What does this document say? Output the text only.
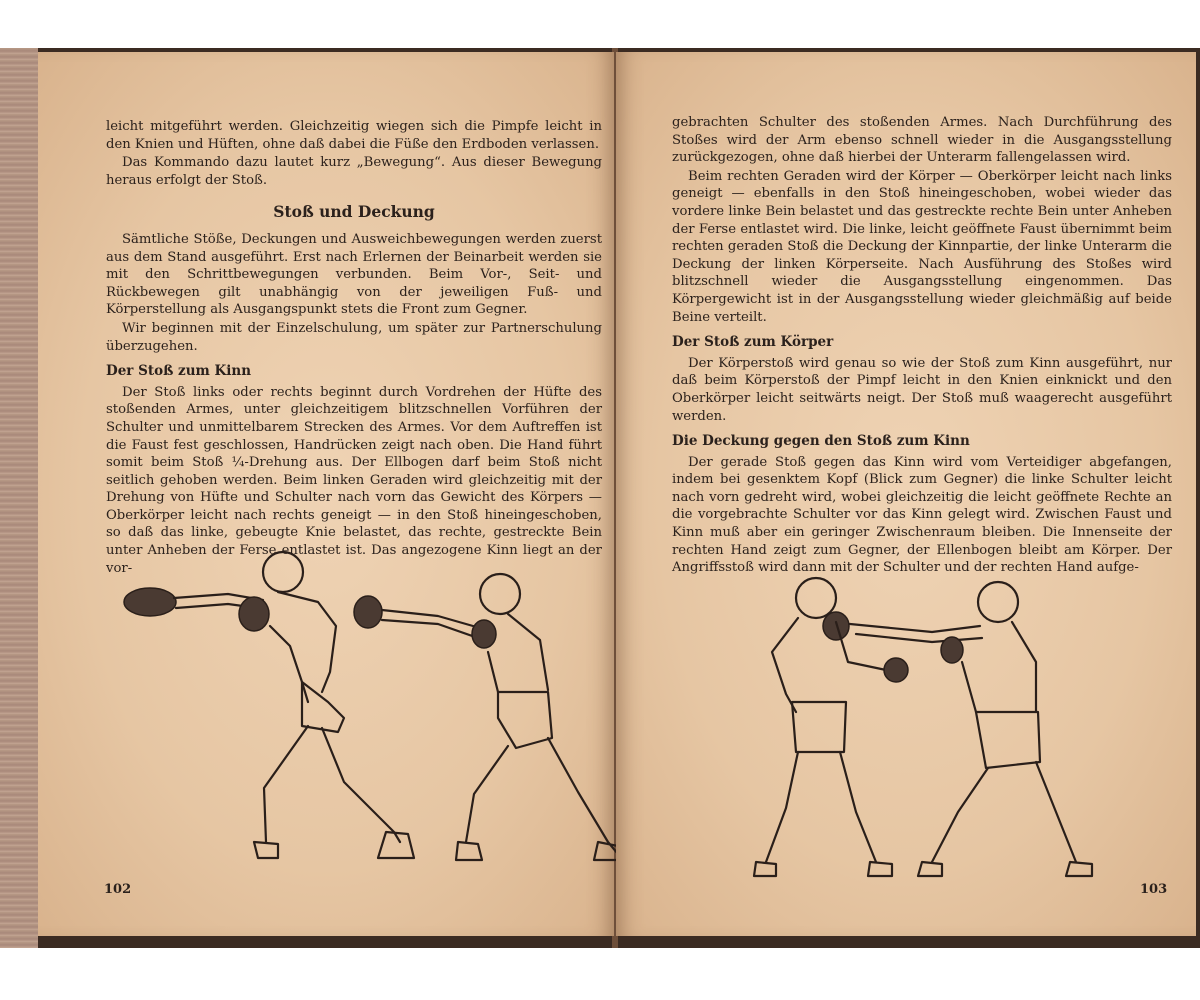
leicht mitgeführt werden. Gleichzeitig wiegen sich die Pimpfe leicht in den Knien und Hüften, ohne daß dabei die Füße den Erdboden verlassen.

Das Kommando dazu lautet kurz „Bewegung“. Aus dieser Bewegung heraus erfolgt der Stoß.

Stoß und Deckung

Sämtliche Stöße, Deckungen und Ausweichbewegungen werden zuerst aus dem Stand ausgeführt. Erst nach Erlernen der Beinarbeit werden sie mit den Schrittbewegungen verbunden. Beim Vor-, Seit- und Rückbewegen gilt unabhängig von der jeweiligen Fuß- und Körperstellung als Ausgangspunkt stets die Front zum Gegner.

Wir beginnen mit der Einzelschulung, um später zur Partnerschulung überzugehen.

Der Stoß zum Kinn

Der Stoß links oder rechts beginnt durch Vordrehen der Hüfte des stoßenden Armes, unter gleichzeitigem blitzschnellen Vorführen der Schulter und unmittelbarem Strecken des Armes. Vor dem Auftreffen ist die Faust fest geschlossen, Handrücken zeigt nach oben. Die Hand führt somit beim Stoß ¼-Drehung aus. Der Ellbogen darf beim Stoß nicht seitlich gehoben werden. Beim linken Geraden wird gleichzeitig mit der Drehung von Hüfte und Schulter nach vorn das Gewicht des Körpers — Oberkörper leicht nach rechts geneigt — in den Stoß hineingeschoben, so daß das linke, gebeugte Knie belastet, das rechte, gestreckte Bein unter Anheben der Ferse entlastet ist. Das angezogene Kinn liegt an der vor-

102

gebrachten Schulter des stoßenden Armes. Nach Durchführung des Stoßes wird der Arm ebenso schnell wieder in die Ausgangsstellung zurückgezogen, ohne daß hierbei der Unterarm fallengelassen wird.

Beim rechten Geraden wird der Körper — Oberkörper leicht nach links geneigt — ebenfalls in den Stoß hineingeschoben, wobei wieder das vordere linke Bein belastet und das gestreckte rechte Bein unter Anheben der Ferse entlastet wird. Die linke, leicht geöffnete Faust übernimmt beim rechten geraden Stoß die Deckung der Kinnpartie, der linke Unterarm die Deckung der linken Körperseite. Nach Ausführung des Stoßes wird blitzschnell wieder die Ausgangsstellung eingenommen. Das Körpergewicht ist in der Ausgangsstellung wieder gleichmäßig auf beide Beine verteilt.

Der Stoß zum Körper

Der Körperstoß wird genau so wie der Stoß zum Kinn ausgeführt, nur daß beim Körperstoß der Pimpf leicht in den Knien einknickt und den Oberkörper leicht seitwärts neigt. Der Stoß muß waagerecht ausgeführt werden.

Die Deckung gegen den Stoß zum Kinn

Der gerade Stoß gegen das Kinn wird vom Verteidiger abgefangen, indem bei gesenktem Kopf (Blick zum Gegner) die linke Schulter leicht nach vorn gedreht wird, wobei gleichzeitig die leicht geöffnete Rechte an die vorgebrachte Schulter vor das Kinn gelegt wird. Zwischen Faust und Kinn muß aber ein geringer Zwischenraum bleiben. Die Innenseite der rechten Hand zeigt zum Gegner, der Ellenbogen bleibt am Körper. Der Angriffsstoß wird dann mit der Schulter und der rechten Hand aufge-

103
